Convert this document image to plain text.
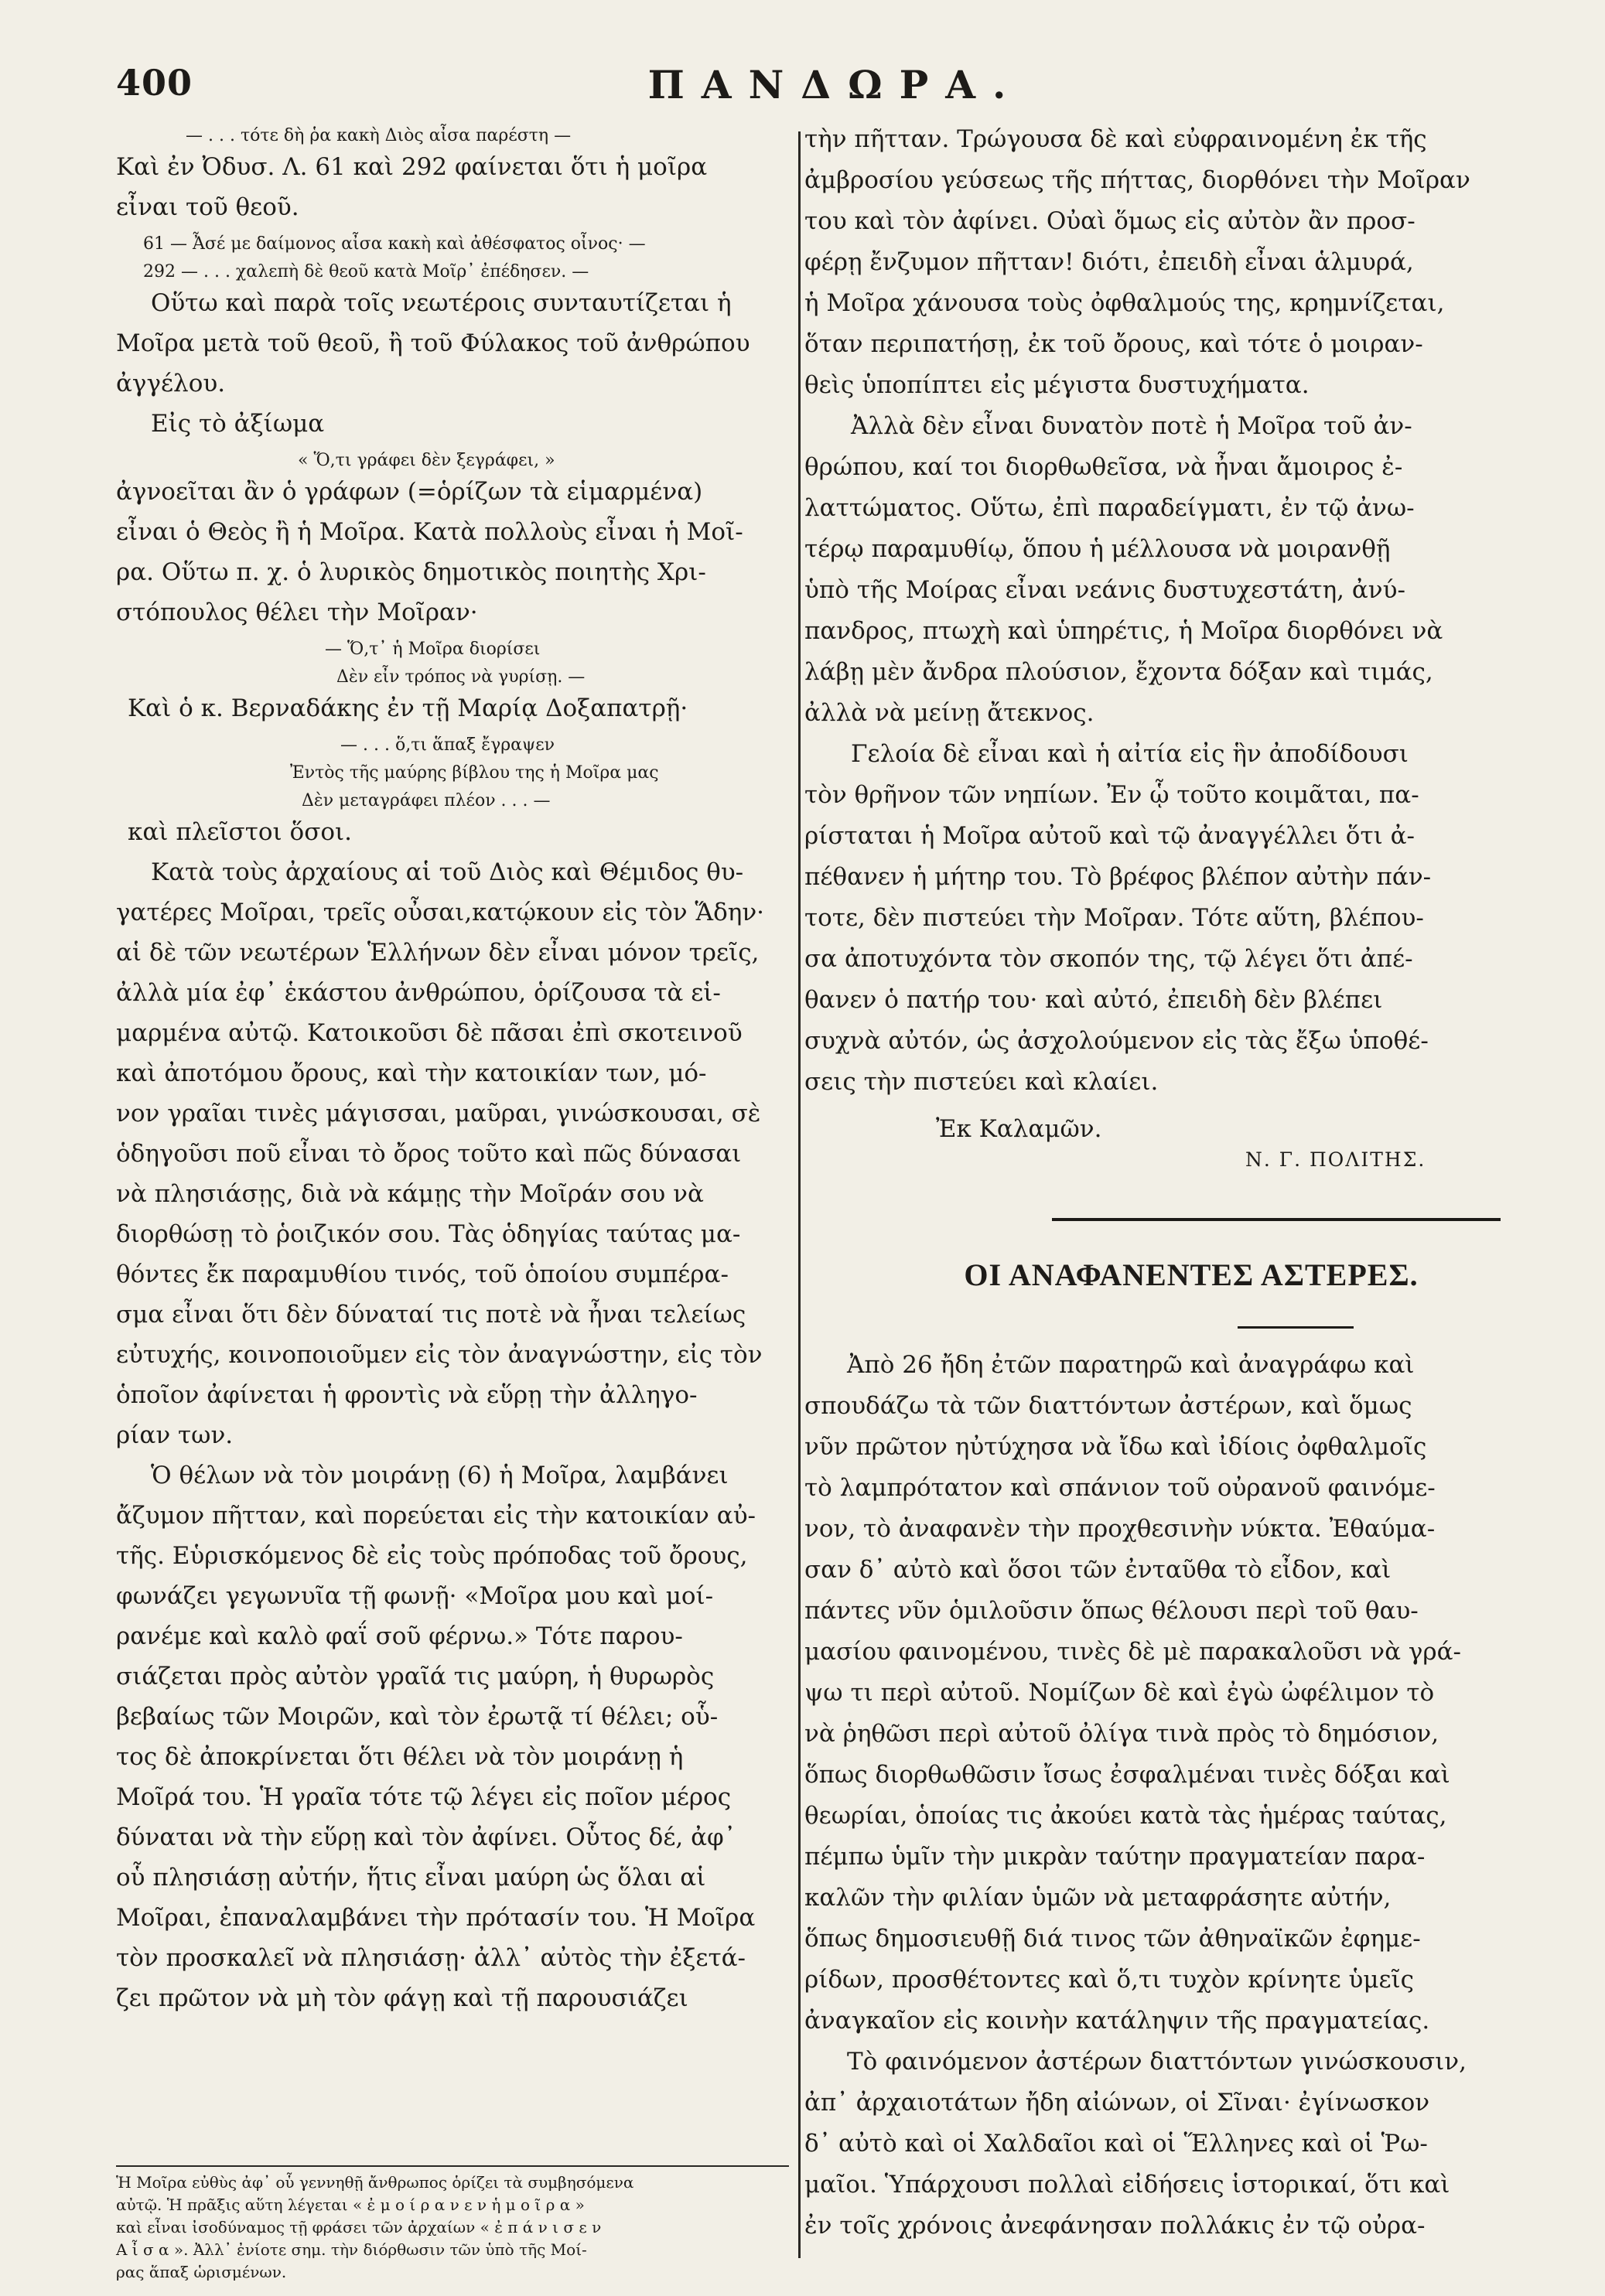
400	ΠΑΝΔΩΡΑ.
— . . . τότε δὴ ῥα κακὴ Διὸς αἶσα παρέστη —
Καὶ ἐν Ὀδυσ. Λ. 61 καὶ 292 φαίνεται ὅτι ἡ μοῖρα
εἶναι τοῦ θεοῦ.
61 — Ἆσέ με δαίμονος αἶσα κακὴ καὶ ἀθέσφατος οἶνος· —
292 — . . . χαλεπὴ δὲ θεοῦ κατὰ Μοῖρ᾿ ἐπέδησεν. —
Οὕτω καὶ παρὰ τοῖς νεωτέροις συνταυτίζεται ἡ
Μοῖρα μετὰ τοῦ θεοῦ, ἢ τοῦ Φύλακος τοῦ ἀνθρώπου
ἀγγέλου.
Εἰς τὸ ἀξίωμα
« Ὅ,τι γράφει δὲν ξεγράφει, »
ἀγνοεῖται ἂν ὁ γράφων (=ὁρίζων τὰ εἱμαρμένα)
εἶναι ὁ Θεὸς ἢ ἡ Μοῖρα. Κατὰ πολλοὺς εἶναι ἡ Μοῖ-
ρα. Οὕτω π. χ. ὁ λυρικὸς δημοτικὸς ποιητὴς Χρι-
στόπουλος θέλει τὴν Μοῖραν·
— Ὅ,τ᾿ ἡ Μοῖρα διορίσει
Δὲν εἶν τρόπος νὰ γυρίσῃ. —
Καὶ ὁ κ. Βερναδάκης ἐν τῇ Μαρίᾳ Δοξαπατρῇ·
— . . . ὅ,τι ἅπαξ ἔγραψεν
Ἐντὸς τῆς μαύρης βίβλου της ἡ Μοῖρα μας
Δὲν μεταγράφει πλέον . . . —
καὶ πλεῖστοι ὅσοι.
Κατὰ τοὺς ἀρχαίους αἱ τοῦ Διὸς καὶ Θέμιδος θυ-
γατέρες Μοῖραι, τρεῖς οὖσαι,κατῴκουν εἰς τὸν Ἅδην·
αἱ δὲ τῶν νεωτέρων Ἑλλήνων δὲν εἶναι μόνον τρεῖς,
ἀλλὰ μία ἐφ᾿ ἑκάστου ἀνθρώπου, ὁρίζουσα τὰ εἱ-
μαρμένα αὐτῷ. Κατοικοῦσι δὲ πᾶσαι ἐπὶ σκοτεινοῦ
καὶ ἀποτόμου ὄρους, καὶ τὴν κατοικίαν των, μό-
νον γραῖαι τινὲς μάγισσαι, μαῦραι, γινώσκουσαι, σὲ
ὁδηγοῦσι ποῦ εἶναι τὸ ὄρος τοῦτο καὶ πῶς δύνασαι
νὰ πλησιάσῃς, διὰ νὰ κάμῃς τὴν Μοῖράν σου νὰ
διορθώσῃ τὸ ῥοιζικόν σου. Τὰς ὁδηγίας ταύτας μα-
θόντες ἔκ παραμυθίου τινός, τοῦ ὁποίου συμπέρα-
σμα εἶναι ὅτι δὲν δύναταί τις ποτὲ νὰ ἦναι τελείως
εὐτυχής, κοινοποιοῦμεν εἰς τὸν ἀναγνώστην, εἰς τὸν
ὁποῖον ἀφίνεται ἡ φροντὶς νὰ εὕρῃ τὴν ἀλληγο-
ρίαν των.
Ὁ θέλων νὰ τὸν μοιράνῃ (6) ἡ Μοῖρα, λαμβάνει
ἄζυμον πῆτταν, καὶ πορεύεται εἰς τὴν κατοικίαν αὐ-
τῆς. Εὑρισκόμενος δὲ εἰς τοὺς πρόποδας τοῦ ὄρους,
φωνάζει γεγωνυῖα τῇ φωνῇ· «Μοῖρα μου καὶ μοί-
ρανέμε καὶ καλὸ φαΐ σοῦ φέρνω.» Τότε παρου-
σιάζεται πρὸς αὐτὸν γραῖά τις μαύρη, ἡ θυρωρὸς
βεβαίως τῶν Μοιρῶν, καὶ τὸν ἐρωτᾷ τί θέλει; οὗ-
τος δὲ ἀποκρίνεται ὅτι θέλει νὰ τὸν μοιράνῃ ἡ
Μοῖρά του. Ἡ γραῖα τότε τῷ λέγει εἰς ποῖον μέρος
δύναται νὰ τὴν εὕρῃ καὶ τὸν ἀφίνει. Οὗτος δέ, ἀφ᾿
οὗ πλησιάσῃ αὐτήν, ἥτις εἶναι μαύρη ὡς ὅλαι αἱ
Μοῖραι, ἐπαναλαμβάνει τὴν πρότασίν του. Ἡ Μοῖρα
τὸν προσκαλεῖ νὰ πλησιάσῃ· ἀλλ᾿ αὐτὸς τὴν ἐξετά-
ζει πρῶτον νὰ μὴ τὸν φάγῃ καὶ τῇ παρουσιάζει
Ἡ Μοῖρα εὐθὺς ἀφ᾿ οὗ γεννηθῇ ἄνθρωπος ὁρίζει τὰ συμβησόμενα
αὐτῷ. Ἡ πρᾶξις αὕτη λέγεται « ἐ μ ο ί ρ α ν ε ν ἡ μ ο ῖ ρ α »
καὶ εἶναι ἰσοδύναμος τῇ φράσει τῶν ἀρχαίων « ἐ π ά ν ι σ ε ν
Α ἶ σ α ». Ἀλλ᾿ ἐνίοτε σημ. τὴν διόρθωσιν τῶν ὑπὸ τῆς Μοί-
ρας ἅπαξ ὡρισμένων.
τὴν πῆτταν. Τρώγουσα δὲ καὶ εὐφραινομένη ἐκ τῆς
ἀμβροσίου γεύσεως τῆς πήττας, διορθόνει τὴν Μοῖραν
του καὶ τὸν ἀφίνει. Οὐαὶ ὅμως εἰς αὐτὸν ἂν προσ-
φέρῃ ἔνζυμον πῆτταν! διότι, ἐπειδὴ εἶναι ἁλμυρά,
ἡ Μοῖρα χάνουσα τοὺς ὀφθαλμούς της, κρημνίζεται,
ὅταν περιπατήσῃ, ἐκ τοῦ ὄρους, καὶ τότε ὁ μοιραν-
θεὶς ὑποπίπτει εἰς μέγιστα δυστυχήματα.
Ἀλλὰ δὲν εἶναι δυνατὸν ποτὲ ἡ Μοῖρα τοῦ ἀν-
θρώπου, καί τοι διορθωθεῖσα, νὰ ἦναι ἄμοιρος ἐ-
λαττώματος. Οὕτω, ἐπὶ παραδείγματι, ἐν τῷ ἀνω-
τέρῳ παραμυθίῳ, ὅπου ἡ μέλλουσα νὰ μοιρανθῇ
ὑπὸ τῆς Μοίρας εἶναι νεάνις δυστυχεστάτη, ἀνύ-
πανδρος, πτωχὴ καὶ ὑπηρέτις, ἡ Μοῖρα διορθόνει νὰ
λάβῃ μὲν ἄνδρα πλούσιον, ἔχοντα δόξαν καὶ τιμάς,
ἀλλὰ νὰ μείνῃ ἄτεκνος.
Γελοία δὲ εἶναι καὶ ἡ αἰτία εἰς ἣν ἀποδίδουσι
τὸν θρῆνον τῶν νηπίων. Ἐν ᾧ τοῦτο κοιμᾶται, πα-
ρίσταται ἡ Μοῖρα αὐτοῦ καὶ τῷ ἀναγγέλλει ὅτι ἀ-
πέθανεν ἡ μήτηρ του. Τὸ βρέφος βλέπον αὐτὴν πάν-
τοτε, δὲν πιστεύει τὴν Μοῖραν. Τότε αὕτη, βλέπου-
σα ἀποτυχόντα τὸν σκοπόν της, τῷ λέγει ὅτι ἀπέ-
θανεν ὁ πατήρ του· καὶ αὐτό, ἐπειδὴ δὲν βλέπει
συχνὰ αὐτόν, ὡς ἀσχολούμενον εἰς τὰς ἔξω ὑποθέ-
σεις τὴν πιστεύει καὶ κλαίει.
Ἐκ Καλαμῶν.
Ν. Γ. ΠΟΛΙΤΗΣ.
ΟΙ ΑΝΑΦΑΝΕΝΤΕΣ ΑΣΤΕΡΕΣ.
Ἀπὸ 26 ἤδη ἐτῶν παρατηρῶ καὶ ἀναγράφω καὶ
σπουδάζω τὰ τῶν διαττόντων ἀστέρων, καὶ ὅμως
νῦν πρῶτον ηὐτύχησα νὰ ἴδω καὶ ἰδίοις ὀφθαλμοῖς
τὸ λαμπρότατον καὶ σπάνιον τοῦ οὐρανοῦ φαινόμε-
νον, τὸ ἀναφανὲν τὴν προχθεσινὴν νύκτα. Ἐθαύμα-
σαν δ᾿ αὐτὸ καὶ ὅσοι τῶν ἐνταῦθα τὸ εἶδον, καὶ
πάντες νῦν ὁμιλοῦσιν ὅπως θέλουσι περὶ τοῦ θαυ-
μασίου φαινομένου, τινὲς δὲ μὲ παρακαλοῦσι νὰ γρά-
ψω τι περὶ αὐτοῦ. Νομίζων δὲ καὶ ἐγὼ ὠφέλιμον τὸ
νὰ ῥηθῶσι περὶ αὐτοῦ ὀλίγα τινὰ πρὸς τὸ δημόσιον,
ὅπως διορθωθῶσιν ἴσως ἐσφαλμέναι τινὲς δόξαι καὶ
θεωρίαι, ὁποίας τις ἀκούει κατὰ τὰς ἡμέρας ταύτας,
πέμπω ὑμῖν τὴν μικρὰν ταύτην πραγματείαν παρα-
καλῶν τὴν φιλίαν ὑμῶν νὰ μεταφράσητε αὐτήν,
ὅπως δημοσιευθῇ διά τινος τῶν ἀθηναϊκῶν ἐφημε-
ρίδων, προσθέτοντες καὶ ὅ,τι τυχὸν κρίνητε ὑμεῖς
ἀναγκαῖον εἰς κοινὴν κατάληψιν τῆς πραγματείας.
Τὸ φαινόμενον ἀστέρων διαττόντων γινώσκουσιν,
ἀπ᾿ ἀρχαιοτάτων ἤδη αἰώνων, οἱ Σῖναι· ἐγίνωσκον
δ᾿ αὐτὸ καὶ οἱ Χαλδαῖοι καὶ οἱ Ἕλληνες καὶ οἱ Ῥω-
μαῖοι. Ὑπάρχουσι πολλαὶ εἰδήσεις ἱστορικαί, ὅτι καὶ
ἐν τοῖς χρόνοις ἀνεφάνησαν πολλάκις ἐν τῷ οὐρα-
